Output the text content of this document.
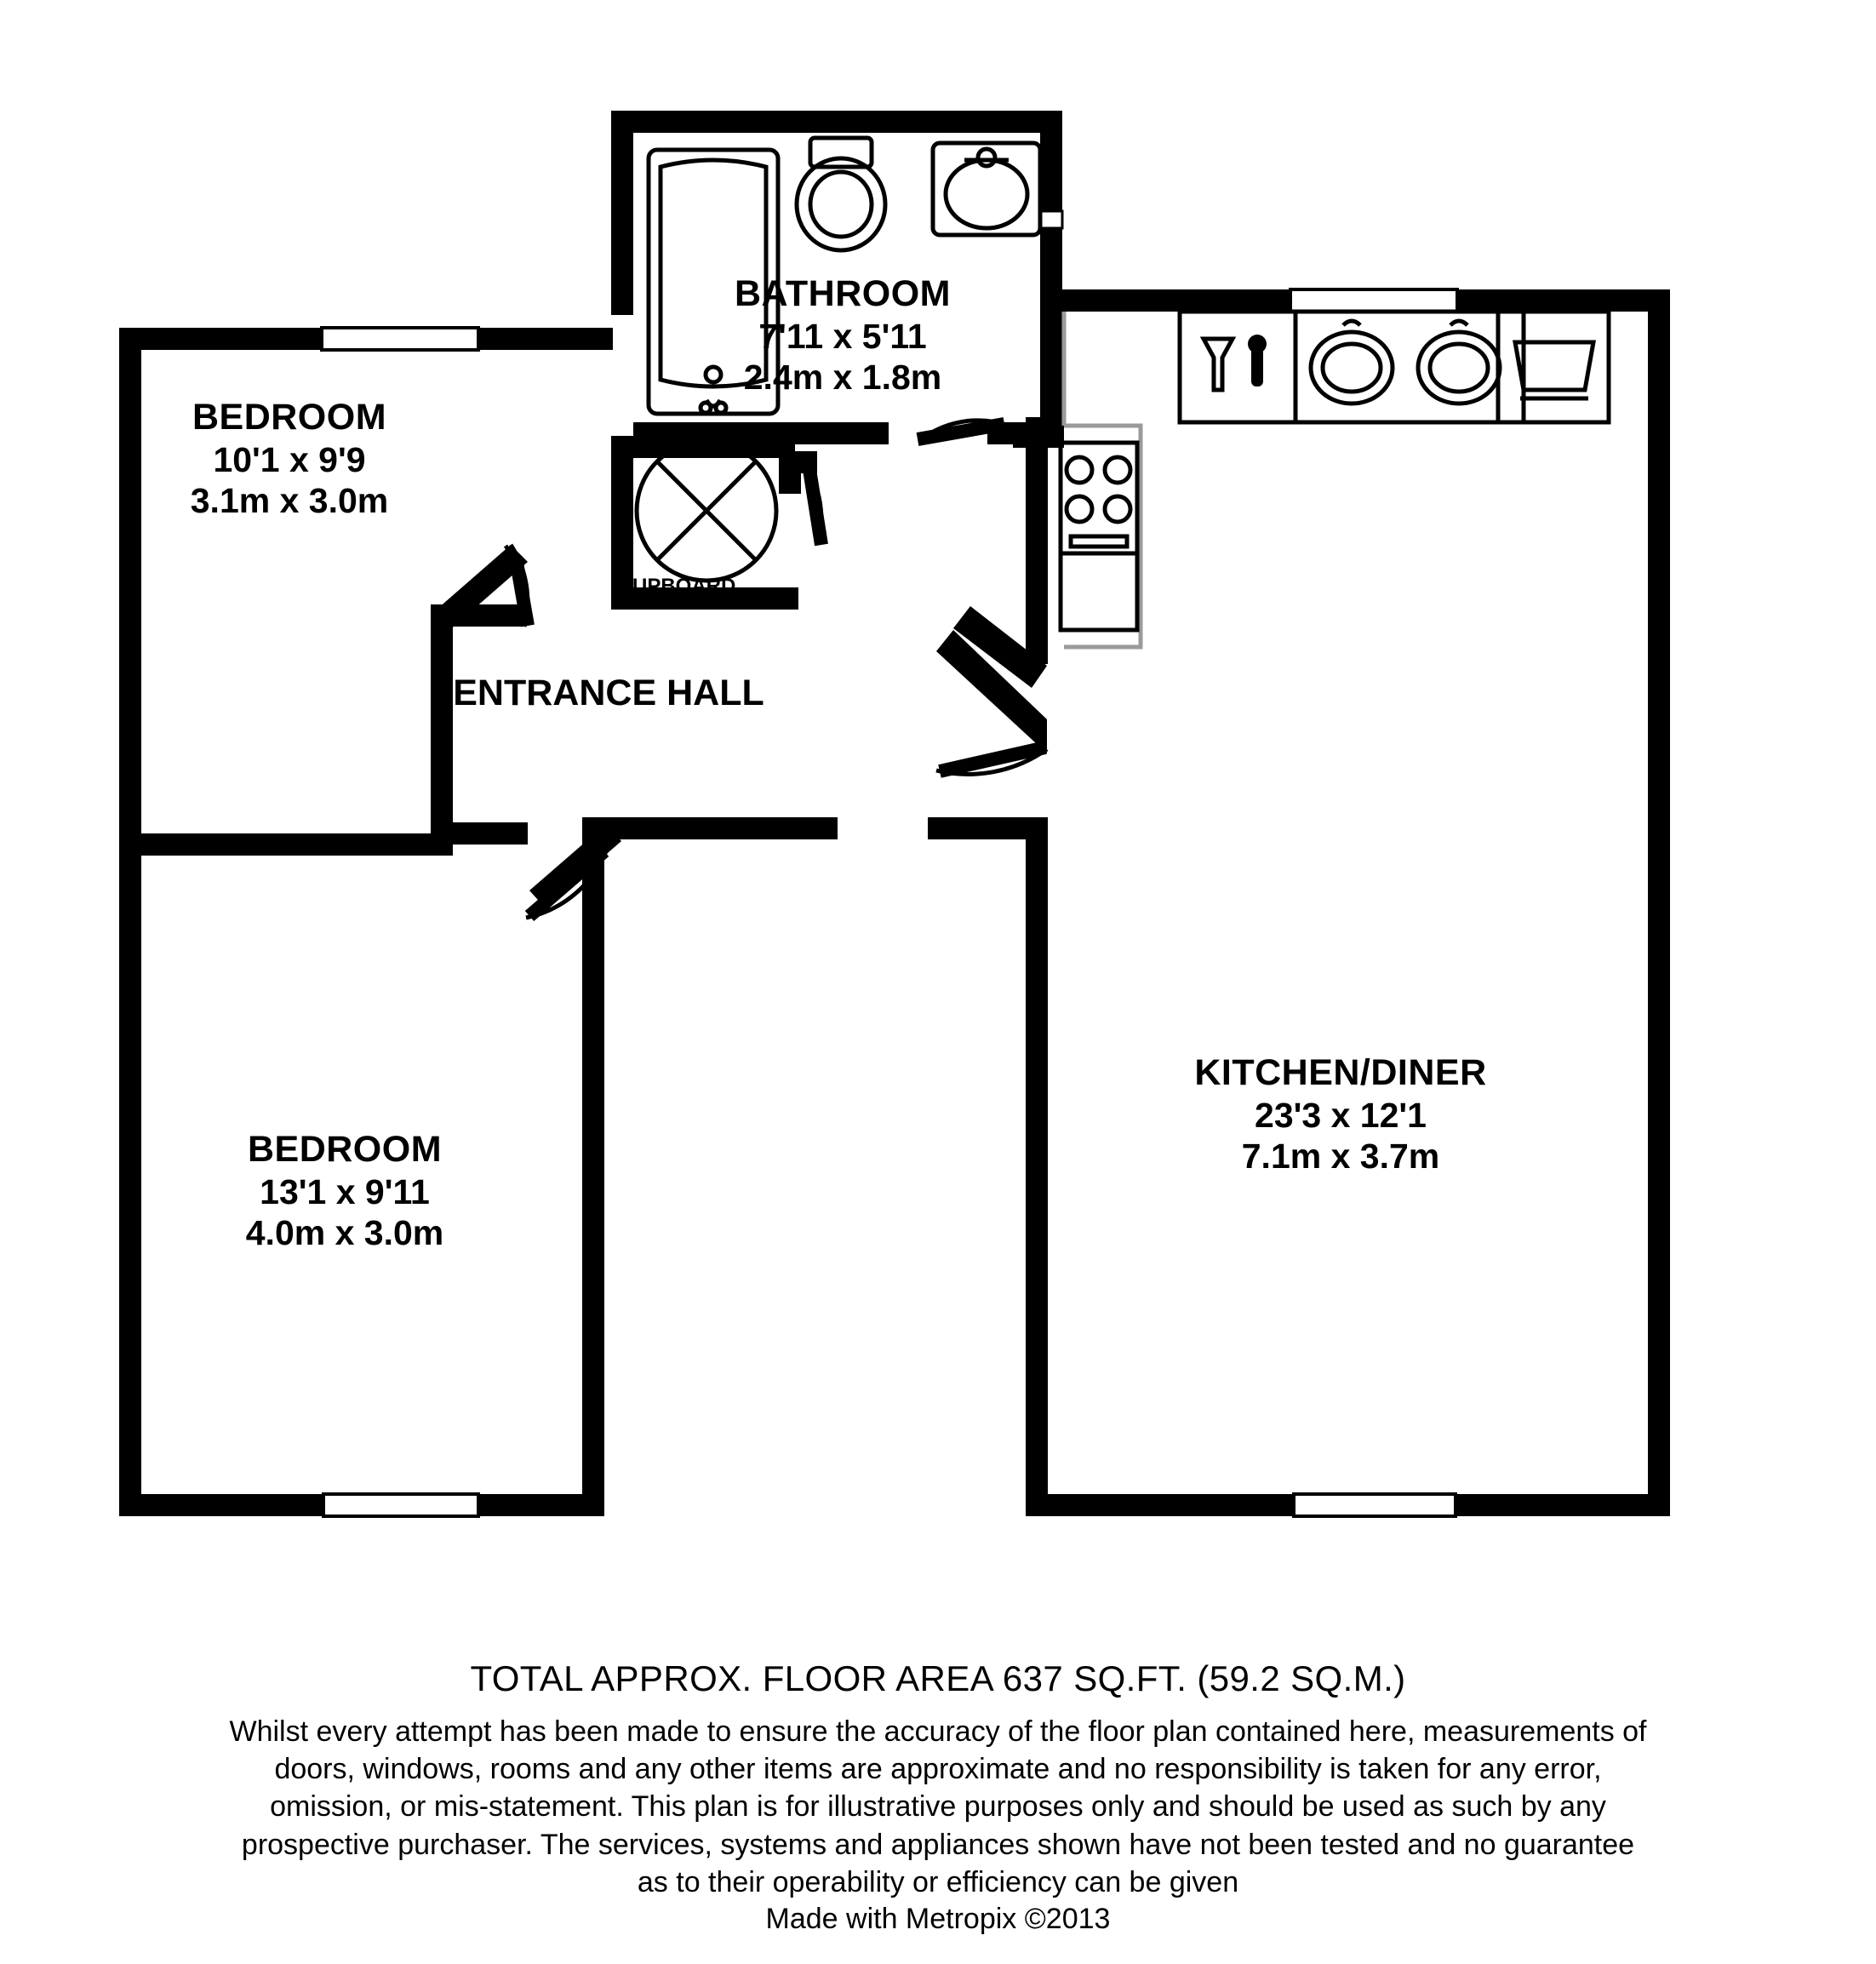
BEDROOM
10'1 x 9'9
3.1m x 3.0m
BEDROOM
13'1 x 9'11
4.0m x 3.0m
BATHROOM
7'11 x 5'11
2.4m x 1.8m
KITCHEN/DINER
23'3 x 12'1
7.1m x 3.7m
ENTRANCE HALL
CUPBOARD
TOTAL APPROX. FLOOR AREA 637 SQ.FT. (59.2 SQ.M.)
Whilst every attempt has been made to ensure the accuracy of the floor plan contained here, measurements of doors, windows, rooms and any other items are approximate and no responsibility is taken for any error, omission, or mis-statement. This plan is for illustrative purposes only and should be used as such by any prospective purchaser. The services, systems and appliances shown have not been tested and no guarantee as to their operability or efficiency can be given
Made with Metropix ©2013
